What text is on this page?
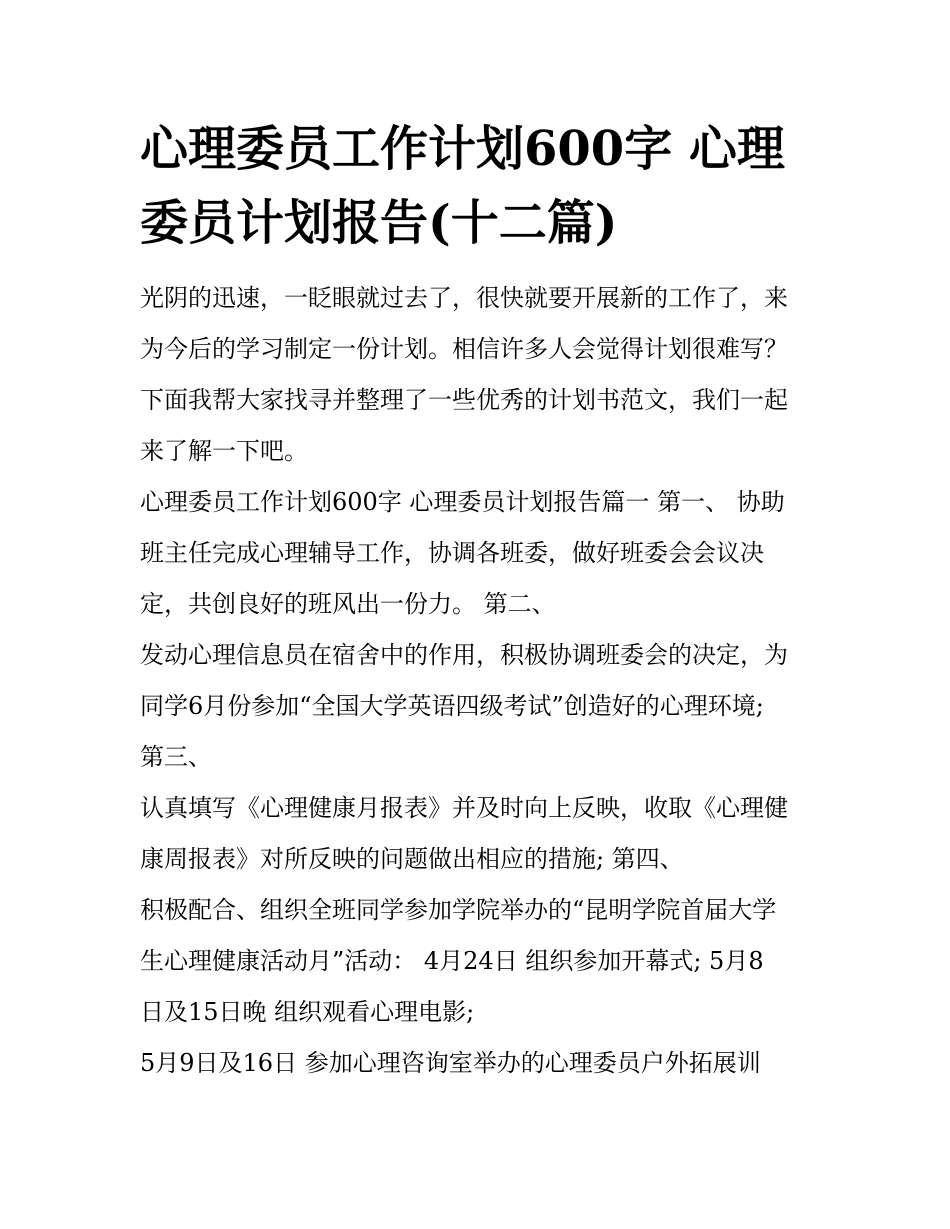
心理委员工作计划600字 心理
委员计划报告(十二篇)
光阴的迅速，一眨眼就过去了，很快就要开展新的工作了，来
为今后的学习制定一份计划。相信许多人会觉得计划很难写？
下面我帮大家找寻并整理了一些优秀的计划书范文，我们一起
来了解一下吧。
心理委员工作计划600字 心理委员计划报告篇一 第一、 协助
班主任完成心理辅导工作，协调各班委，做好班委会会议决
定，共创良好的班风出一份力。 第二、
发动心理信息员在宿舍中的作用，积极协调班委会的决定，为
同学6月份参加“全国大学英语四级考试”创造好的心理环境;
第三、
认真填写《心理健康月报表》并及时向上反映，收取《心理健
康周报表》对所反映的问题做出相应的措施; 第四、
积极配合、组织全班同学参加学院举办的“昆明学院首届大学
生心理健康活动月”活动： 4月24日 组织参加开幕式; 5月8
日及15日晚 组织观看心理电影;
5月9日及16日 参加心理咨询室举办的心理委员户外拓展训
